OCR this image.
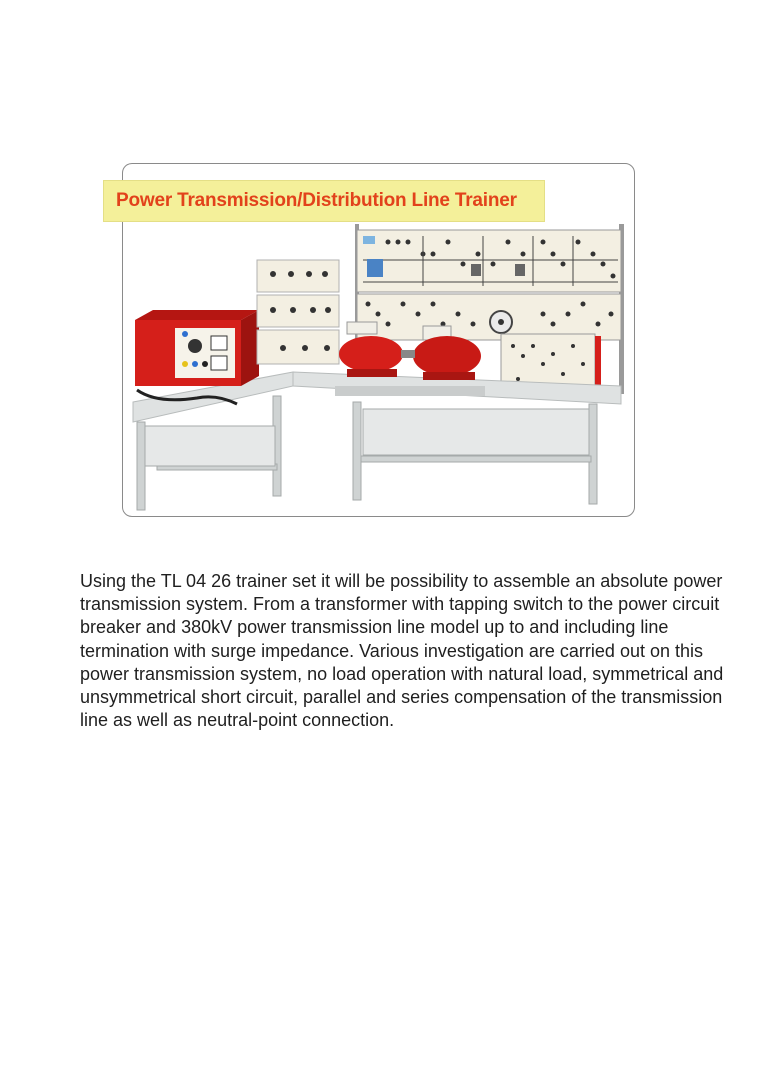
Power Transmission/Distribution Line Trainer

Using the TL 04 26 trainer set it will be possibility to assemble an absolute power transmission system. From a transformer with tapping switch to the power circuit breaker and 380kV power transmission line model up to and including line termination with surge impedance. Various investigation are carried out on this power transmission system, no load operation with natural load, symmetrical and unsymmetrical short circuit, parallel and series compensation of the transmission line as well as neutral-point connection.
